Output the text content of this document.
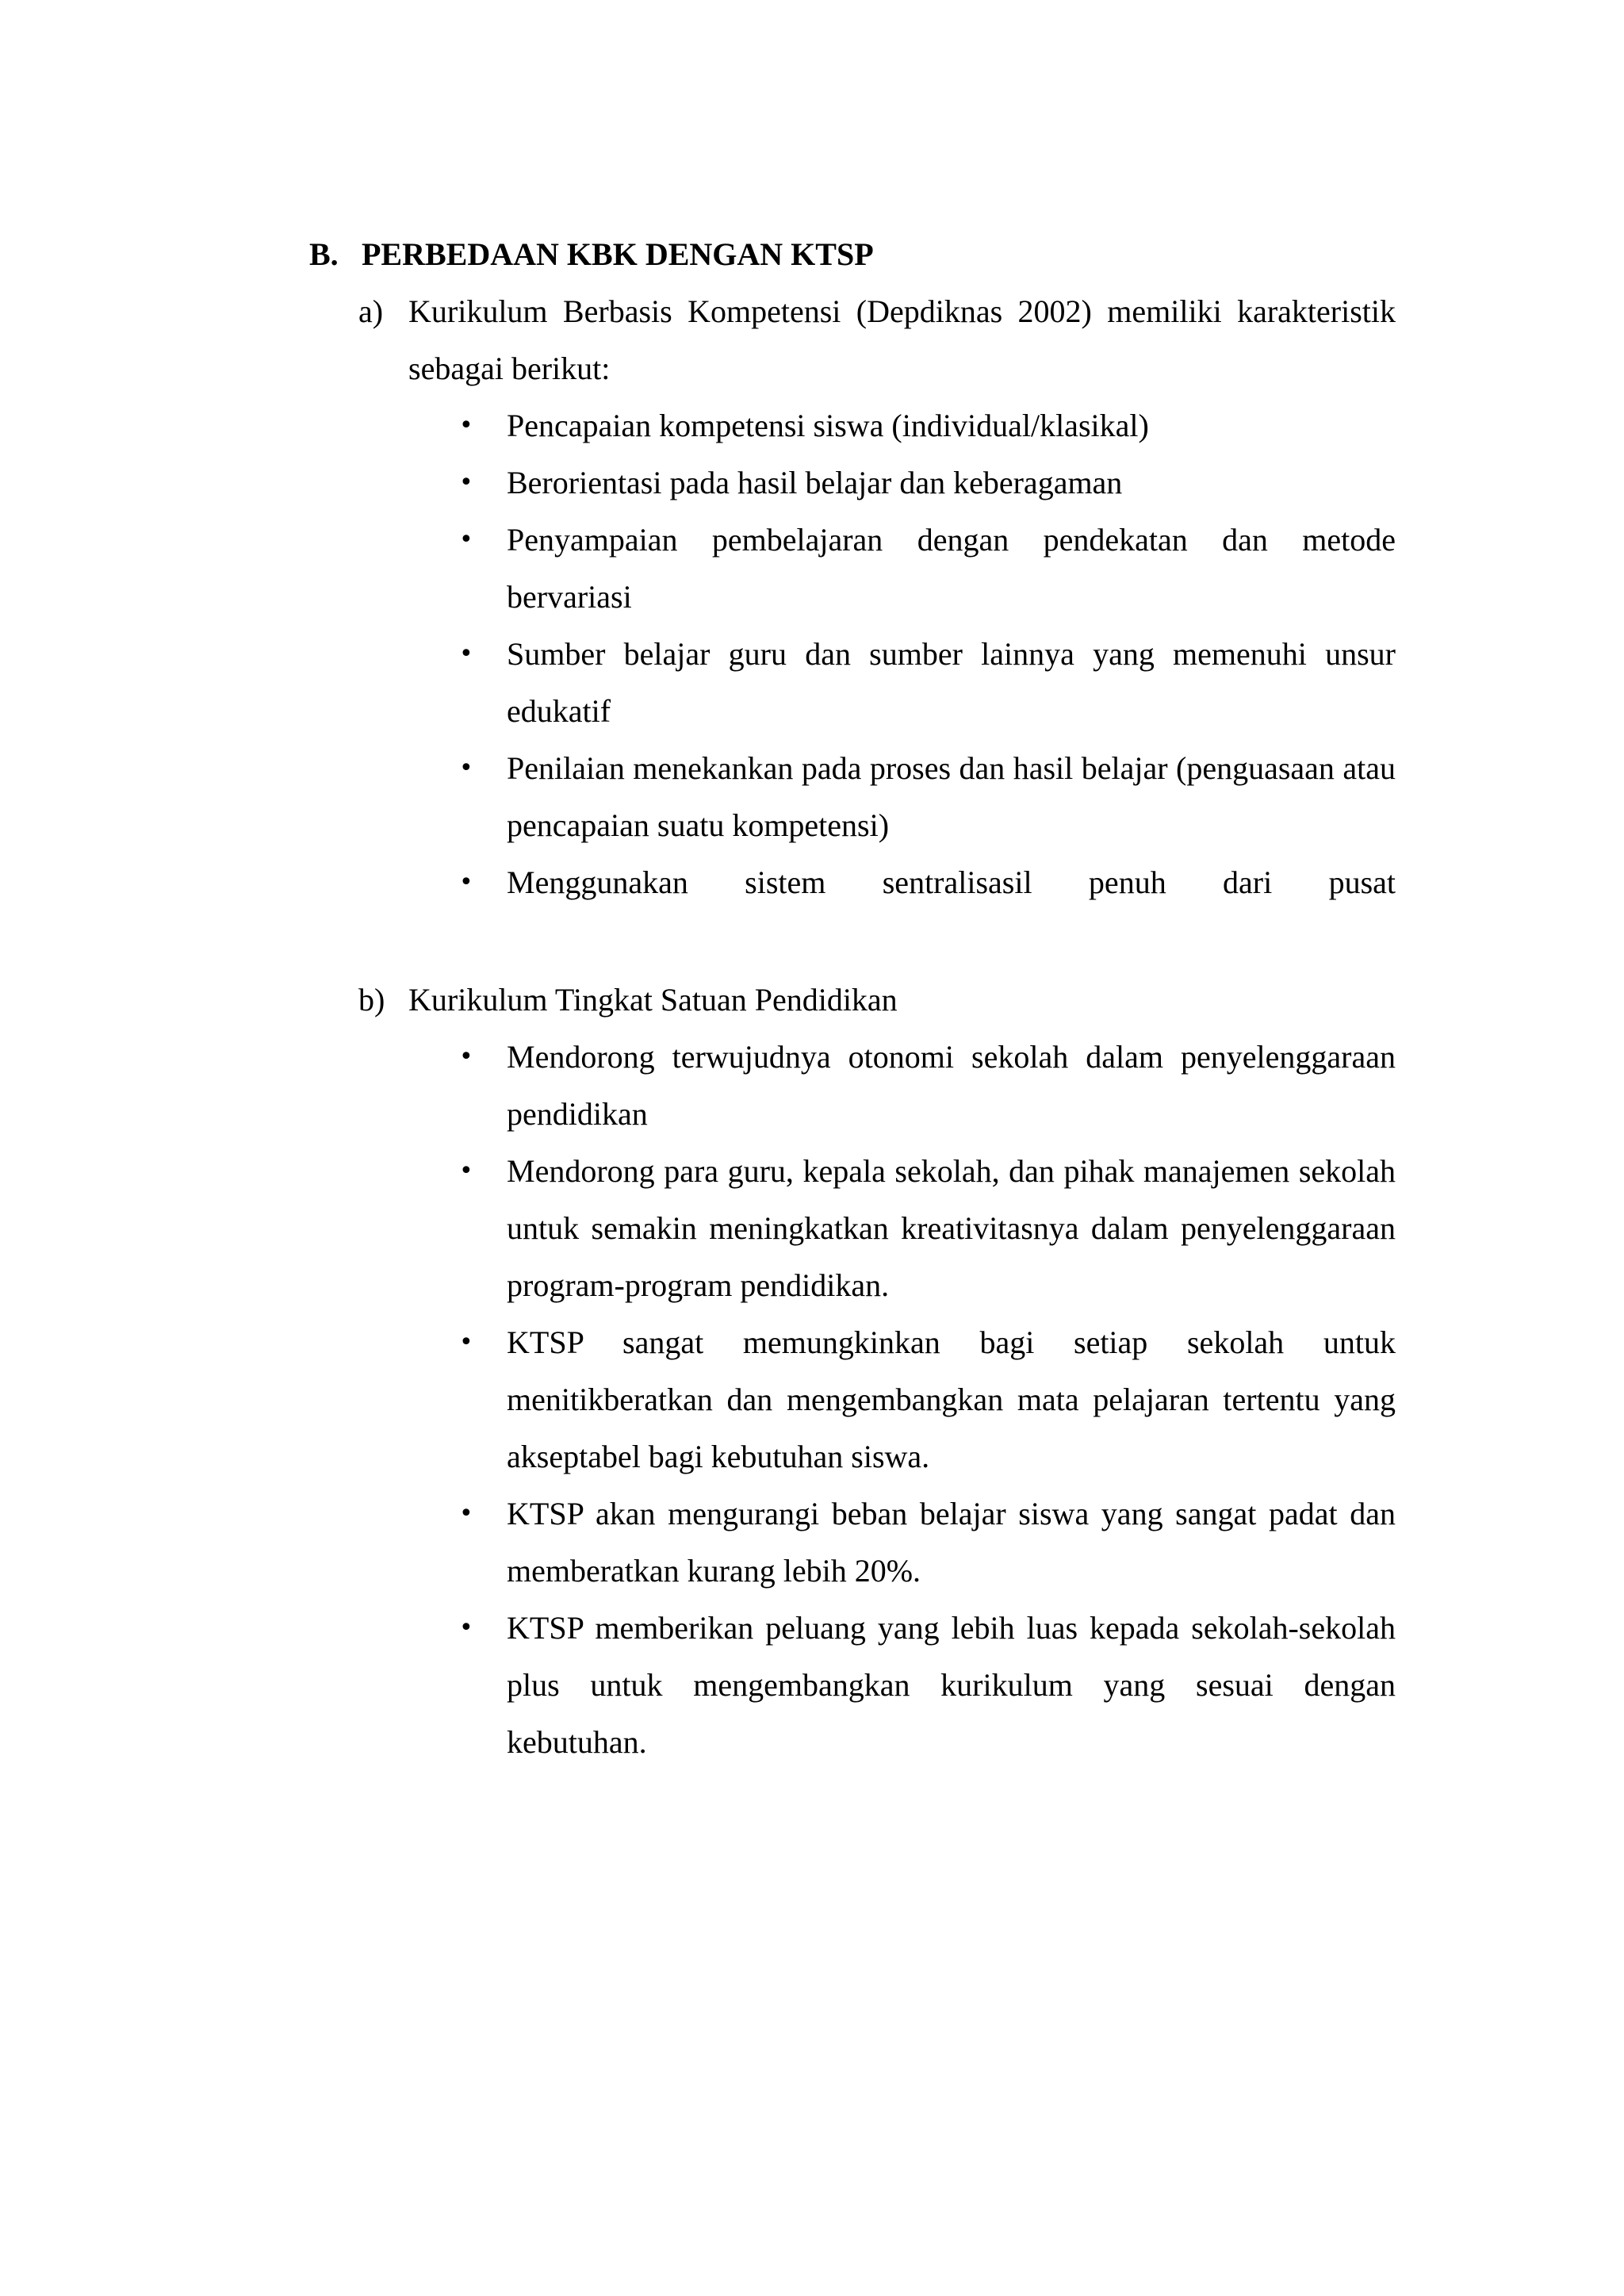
B. PERBEDAAN KBK DENGAN KTSP
a) Kurikulum Berbasis Kompetensi (Depdiknas 2002) memiliki karakteristik sebagai berikut:
• Pencapaian kompetensi siswa (individual/klasikal)
• Berorientasi pada hasil belajar dan keberagaman
• Penyampaian pembelajaran dengan pendekatan dan metode bervariasi
• Sumber belajar guru dan sumber lainnya yang memenuhi unsur edukatif
• Penilaian menekankan pada proses dan hasil belajar (penguasaan atau pencapaian suatu kompetensi)
• Menggunakan sistem sentralisasil penuh dari pusat
b) Kurikulum Tingkat Satuan Pendidikan
• Mendorong terwujudnya otonomi sekolah dalam penyelenggaraan pendidikan
• Mendorong para guru, kepala sekolah, dan pihak manajemen sekolah untuk semakin meningkatkan kreativitasnya dalam penyelenggaraan program-program pendidikan.
• KTSP sangat memungkinkan bagi setiap sekolah untuk menitikberatkan dan mengembangkan mata pelajaran tertentu yang akseptabel bagi kebutuhan siswa.
• KTSP akan mengurangi beban belajar siswa yang sangat padat dan memberatkan kurang lebih 20%.
• KTSP memberikan peluang yang lebih luas kepada sekolah-sekolah plus untuk mengembangkan kurikulum yang sesuai dengan kebutuhan.
